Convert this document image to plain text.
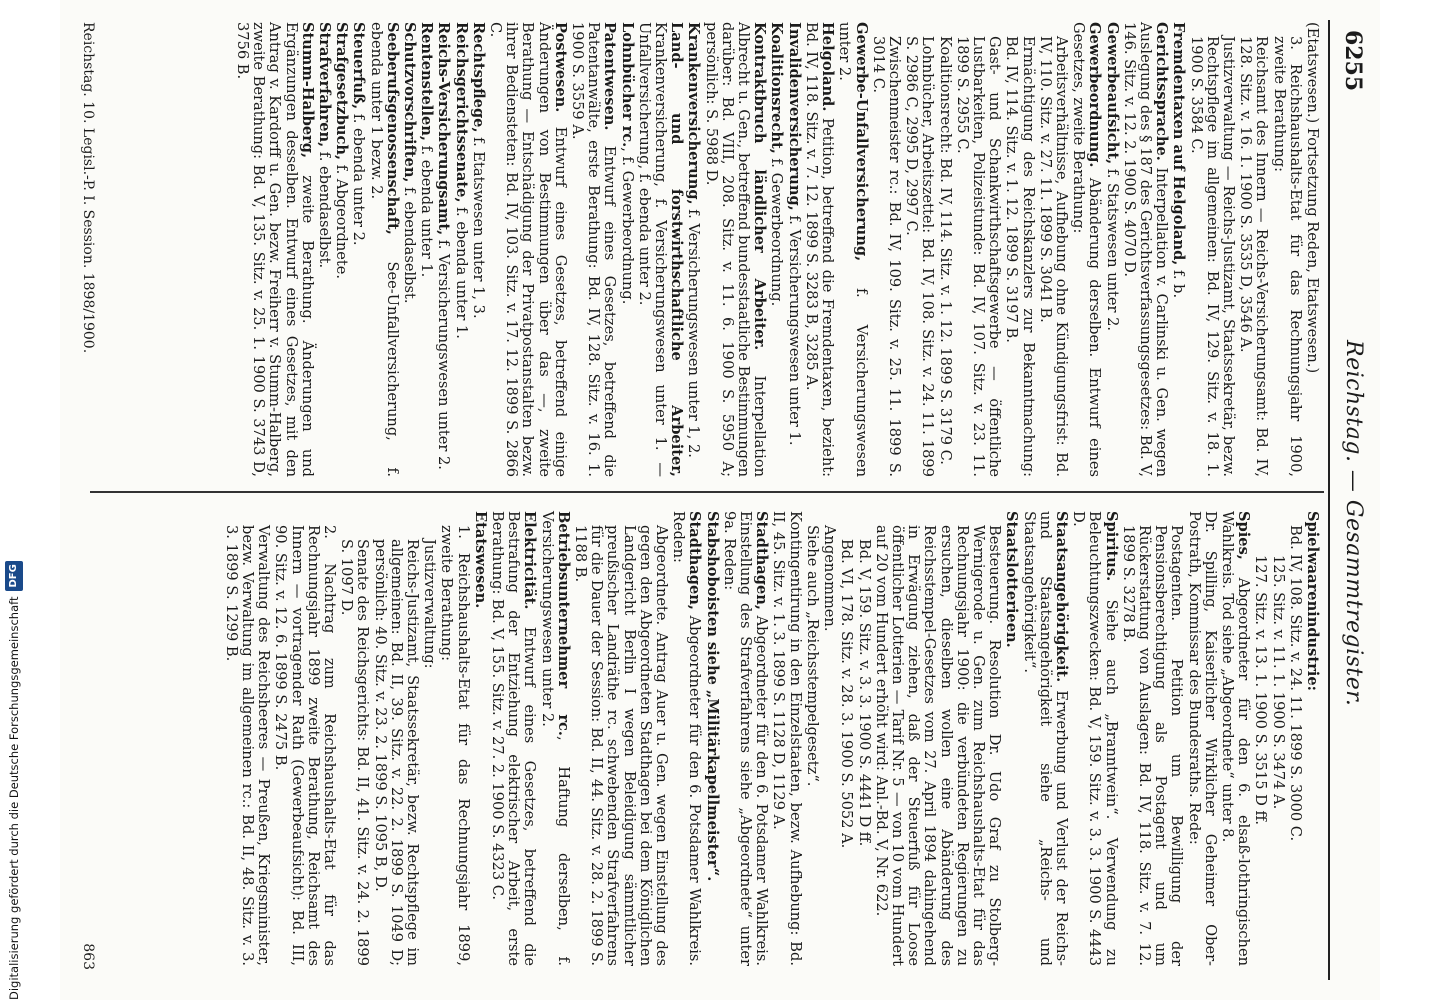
Digitalisierung gefördert durch die Deutsche Forschungsgemeinschaft
DFG
6255
Reichstag. — Gesammtregister.

(Etatswesen.) Fortsetzung Reden, Etatswesen.)

3. Reichshaushalts-Etat für das Rechnungsjahr 1900, zweite Berathung:

Reichsamt des Innern — Reichs-Versicherungsamt: Bd. IV, 128. Sitz. v. 16. 1. 1900 S. 3535 D, 3546 A.

Justizverwaltung — Reichs-Justizamt, Staatssekretär, bezw. Rechtspflege im allgemeinen: Bd. IV, 129. Sitz. v. 18. 1. 1900 S. 3584 C.

Fremdentaxen auf Helgoland, f. b.

Gerichtssprache. Interpellation v. Carlinski u. Gen. wegen Auslegung des § 187 des Gerichtsverfassungsgesetzes: Bd. V, 146. Sitz. v. 12. 2. 1900 S. 4070 D.

Gewerbeaufsicht, f. Statswesen unter 2.

Gewerbeordnung. Abänderung derselben. Entwurf eines Gesetzes, zweite Berathung:

Arbeitsverhältnisse, Aufhebung ohne Kündigungsfrist: Bd. IV, 110. Sitz. v. 27. 11. 1899 S. 3041 B.

Ermächtigung des Reichskanzlers zur Bekanntmachung: Bd. IV, 114. Sitz. v. 1. 12. 1899 S. 3197 B.

Gast- und Schankwirthschaftsgewerbe — öffentliche Lustbarkeiten, Polizeistunde: Bd. IV, 107. Sitz. v. 23. 11. 1899 S. 2955 C.

Koalitionsrecht: Bd. IV, 114. Sitz. v. 1. 12. 1899 S. 3179 C.

Lohnbücher, Arbeitszettel: Bd. IV, 108. Sitz. v. 24. 11. 1899 S. 2986 C, 2995 D, 2997 C.

Zwischenmeister rc.: Bd. IV, 109. Sitz. v. 25. 11. 1899 S. 3014 C.

Gewerbe-Unfallversicherung, f. Versicherungswesen unter 2.

Helgoland. Petition, betreffend die Fremdentaxen, bezieht: Bd. IV, 118. Sitz. v. 7. 12. 1899 S. 3283 B, 3285 A.

Invalidenversicherung, f. Versicherungswesen unter 1.

Koalitionsrecht, f. Gewerbeordnung.

Kontraktbruch ländlicher Arbeiter. Interpellation Albrecht u. Gen., betreffend bundesstaatliche Bestimmungen darüber: Bd. VIII, 208. Sitz. v. 11. 6. 1900 S. 5950 A; persönlich: S. 5988 D.

Krankenversicherung, f. Versicherungswesen unter 1, 2.

Land- und forstwirthschaftliche Arbeiter, Krankenversicherung, f. Versicherungswesen unter 1. — Unfallversicherung, f. ebenda unter 2.

Lohnbücher rc., f. Gewerbeordnung.

Patentwesen. Entwurf eines Gesetzes, betreffend die Patentanwälte, erste Berathung: Bd. IV, 128. Sitz. v. 16. 1. 1900 S. 3559 A.

Postwesen. Entwurf eines Gesetzes, betreffend einige Änderungen von Bestimmungen über das —, zweite Berathung — Entschädigung der Privatpostanstalten bezw. ihrer Bediensteten: Bd. IV, 103. Sitz. v. 17. 12. 1899 S. 2866 C.

Rechtspflege, f. Etatswesen unter 1, 3.

Reichsgerichtssenate, f. ebenda unter 1.

Reichs-Versicherungsamt, f. Versicherungswesen unter 2.

Rentenstellen, f. ebenda unter 1.

Schutzvorschriften, f. ebendaselbst.

Seeberufsgenossenschaft, See-Unfallversicherung, f. ebenda unter 1 bezw. 2.

Steuerfuß, f. ebenda unter 2.

Strafgesetzbuch, f. Abgeordnete.

Strafverfahren, f. ebendaselbst.

Stumm-Halberg, zweite Berathung. Änderungen und Ergänzungen desselben. Entwurf eines Gesetzes, mit den Antrag v. Kardorff u. Gen. bezw. Freiherr v. Stumm-Halberg, zweite Berathung: Bd. V, 135. Sitz. v. 25. 1. 1900 S. 3743 D, 3756 B.

Spielwaarenindustrie:

Bd. IV, 108. Sitz. v. 24. 11. 1899 S. 3000 C.

125. Sitz. v. 11. 1. 1900 S. 3474 A.

127. Sitz. v. 13. 1. 1900 S. 3515 D ff.

Spies, Abgeordneter für den 6. elsaß-lothringischen Wahlkreis. Tod siehe „Abgeordnete“ unter 8.

Dr. Spilling, Kaiserlicher Wirklicher Geheimer Ober-Postrath, Kommissar des Bundesraths. Rede:

Postagenten. Petition um Bewilligung der Pensionsberechtigung als Postagent und um Rückerstattung von Auslagen: Bd. IV, 118. Sitz. v. 7. 12. 1899 S. 3278 B.

Spiritus. Siehe auch „Branntwein“. Verwendung zu Beleuchtungszwecken: Bd. V, 159. Sitz. v. 3. 3. 1900 S. 4443 D.

Staatsangehörigkeit. Erwerbung und Verlust der Reichs- und Staatsangehörigkeit siehe „Reichs- und Staatsangehörigkeit“.

Staatslotterieen.

Besteuerung. Resolution Dr. Udo Graf zu Stolberg-Wernigerode u. Gen. zum Reichshaushalts-Etat für das Rechnungsjahr 1900: die verbündeten Regierungen zu ersuchen, dieselben wollen eine Abänderung des Reichsstempel-Gesetzes vom 27. April 1894 dahingehend in Erwägung ziehen, daß der Steuerfuß für Loose öffentlicher Lotterien — Tarif Nr. 5 — von 10 vom Hundert auf 20 vom Hundert erhöht wird: Anl.-Bd. V, Nr. 622.

Bd. V, 159. Sitz. v. 3. 3. 1900 S. 4441 D ff.

Bd. VI, 178. Sitz. v. 28. 3. 1900 S. 5052 A.

Angenommen.

Siehe auch „Reichsstempelgesetz“.

Kontingentirung in den Einzelstaaten, bezw. Aufhebung: Bd. II, 45. Sitz. v. 1. 3. 1899 S. 1128 D, 1129 A.

Stadthagen, Abgeordneter für den 6. Potsdamer Wahlkreis. Einstellung des Strafverfahrens siehe „Abgeordnete“ unter 9a. Reden:

Stabshoboisten siehe „Militärkapellmeister“.

Stadthagen, Abgeordneter für den 6. Potsdamer Wahlkreis. Reden:

Abgeordnete. Antrag Auer u. Gen. wegen Einstellung des gegen den Abgeordneten Stadthagen bei dem Königlichen Landgericht Berlin I wegen Beleidigung sämmtlicher preußischer Landräthe rc. schwebenden Strafverfahrens für die Dauer der Session: Bd. II, 44. Sitz. v. 28. 2. 1899 S. 1188 B.

Betriebsunternehmer rc., Haftung derselben, f. Versicherungswesen unter 2.

Elektricität. Entwurf eines Gesetzes, betreffend die Bestrafung der Entziehung elektrischer Arbeit, erste Berathung: Bd. V, 155. Sitz. v. 27. 2. 1900 S. 4323 C.

Etatswesen.

1. Reichshaushalts-Etat für das Rechnungsjahr 1899, zweite Berathung:

Justizverwaltung:

Reichs-Justizamt, Staatssekretär, bezw. Rechtspflege im allgemeinen: Bd. II, 39. Sitz. v. 22. 2. 1899 S. 1049 D; persönlich: 40. Sitz. v. 23. 2. 1899 S. 1095 B, D.

Senate des Reichsgerichts: Bd. II, 41. Sitz. v. 24. 2. 1899 S. 1097 D.

2. Nachtrag zum Reichshaushalts-Etat für das Rechnungsjahr 1899 zweite Berathung, Reichsamt des Innern — vortragender Rath (Gewerbeaufsicht): Bd. III, 90. Sitz. v. 12. 6. 1899 S. 2475 B.

Verwaltung des Reichsheeres — Preußen, Kriegsminister, bezw. Verwaltung im allgemeinen rc.: Bd. II, 48. Sitz. v. 3. 3. 1899 S. 1299 B.

Reichstag. 10. Legisl.-P. I. Session. 1898/1900.
863
